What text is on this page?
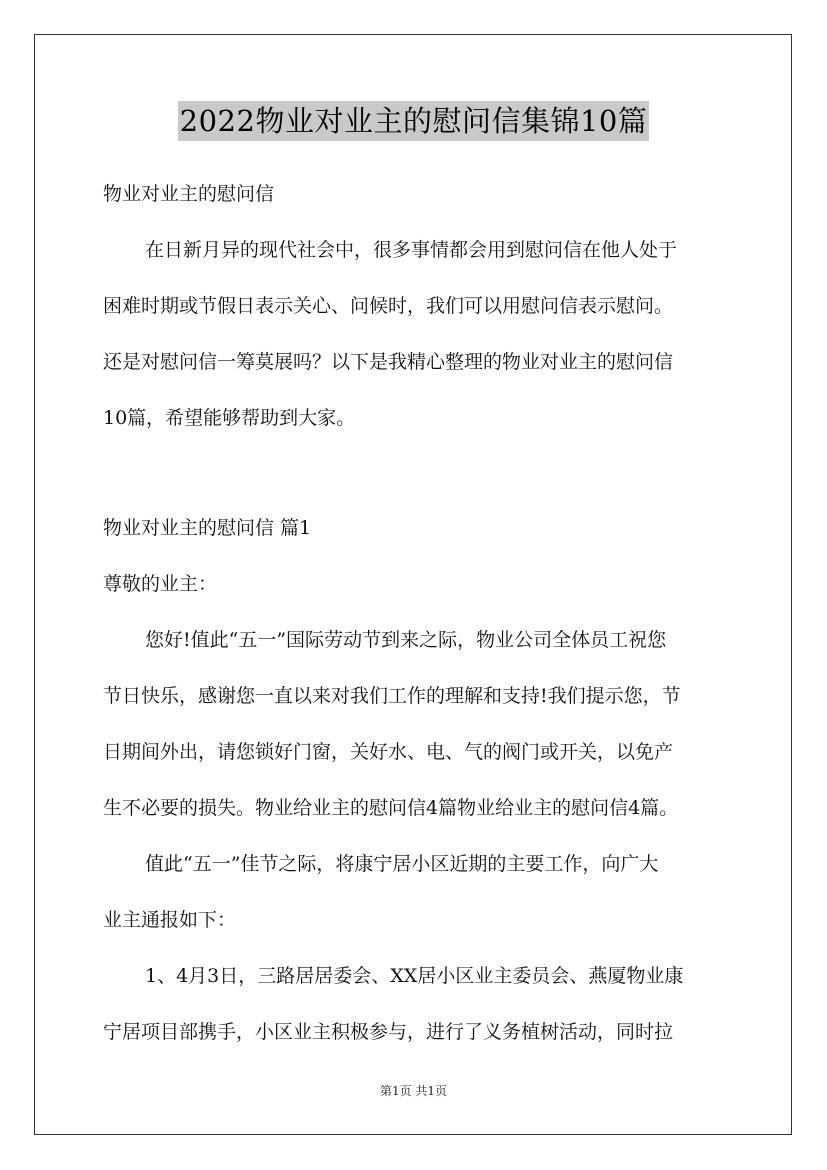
2022物业对业主的慰问信集锦10篇
物业对业主的慰问信
在日新月异的现代社会中，很多事情都会用到慰问信在他人处于
困难时期或节假日表示关心、问候时，我们可以用慰问信表示慰问。
还是对慰问信一筹莫展吗？以下是我精心整理的物业对业主的慰问信
10篇，希望能够帮助到大家。
物业对业主的慰问信 篇1
尊敬的业主：
您好!值此“五一”国际劳动节到来之际，物业公司全体员工祝您
节日快乐，感谢您一直以来对我们工作的理解和支持!我们提示您，节
日期间外出，请您锁好门窗，关好水、电、气的阀门或开关，以免产
生不必要的损失。物业给业主的慰问信4篇物业给业主的慰问信4篇。
值此“五一”佳节之际，将康宁居小区近期的主要工作，向广大
业主通报如下：
1、4月3日，三路居居委会、XX居小区业主委员会、燕厦物业康
宁居项目部携手，小区业主积极参与，进行了义务植树活动，同时拉
第1页 共1页
